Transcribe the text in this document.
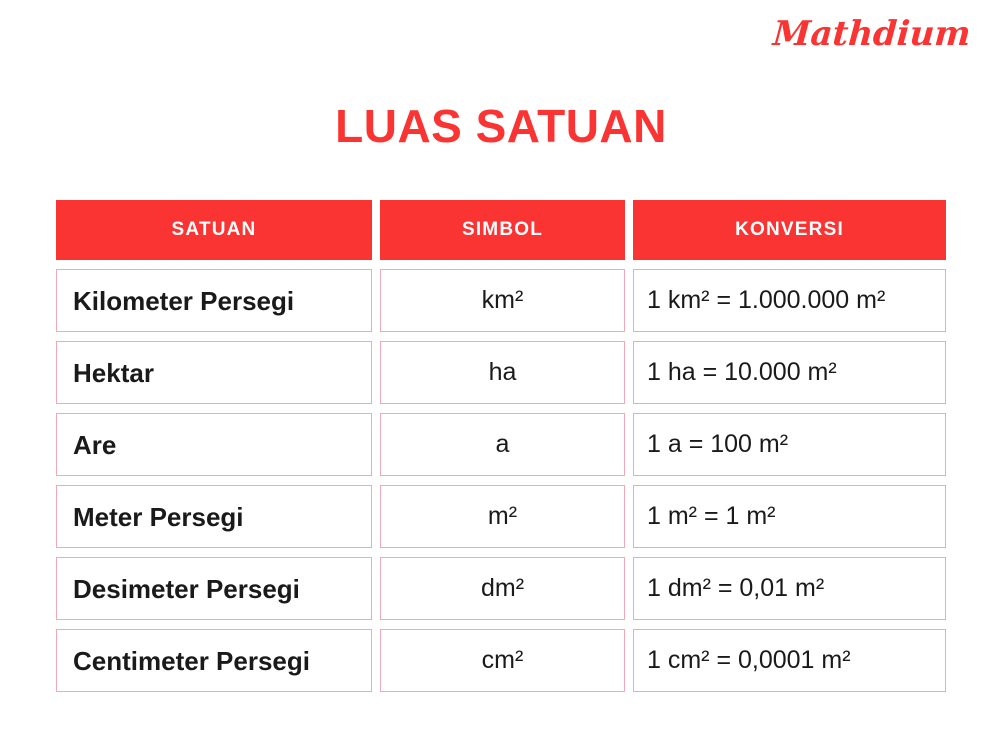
Mathdium
LUAS SATUAN
SATUAN	SIMBOL	KONVERSI
Kilometer Persegi	km²	1 km² = 1.000.000 m²
Hektar	ha	1 ha = 10.000 m²
Are	a	1 a = 100 m²
Meter Persegi	m²	1 m² = 1 m²
Desimeter Persegi	dm²	1 dm² = 0,01 m²
Centimeter Persegi	cm²	1 cm² = 0,0001 m²
